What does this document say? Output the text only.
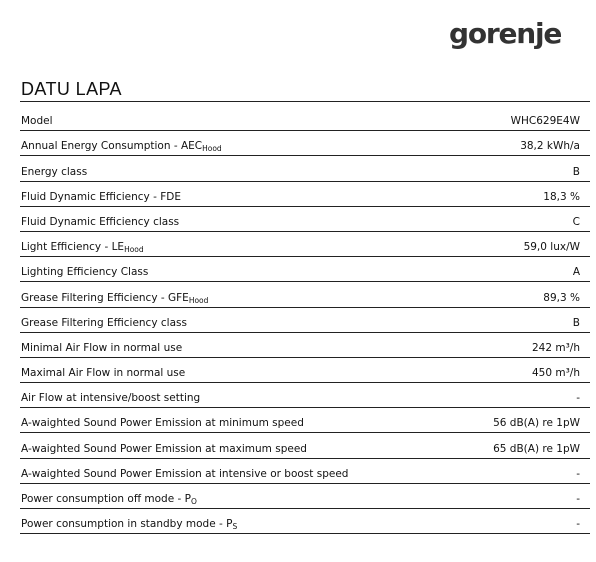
gorenje
DATU LAPA
Model	WHC629E4W
Annual Energy Consumption - $AEC_{Hood}$	38,2 kWh/a
Energy class	B
Fluid Dynamic Efficiency - FDE	18,3 %
Fluid Dynamic Efficiency class	C
Light Efficiency - $LE_{Hood}$	59,0 lux/W
Lighting Efficiency Class	A
Grease Filtering Efficiency - $GFE_{Hood}$	89,3 %
Grease Filtering Efficiency class	B
Minimal Air Flow in normal use	242 m³/h
Maximal Air Flow in normal use	450 m³/h
Air Flow at intensive/boost setting	-
A-waighted Sound Power Emission at minimum speed	56 dB(A) re 1pW
A-waighted Sound Power Emission at maximum speed	65 dB(A) re 1pW
A-waighted Sound Power Emission at intensive or boost speed	-
Power consumption off mode - $P_O$	-
Power consumption in standby mode - $P_S$	-
